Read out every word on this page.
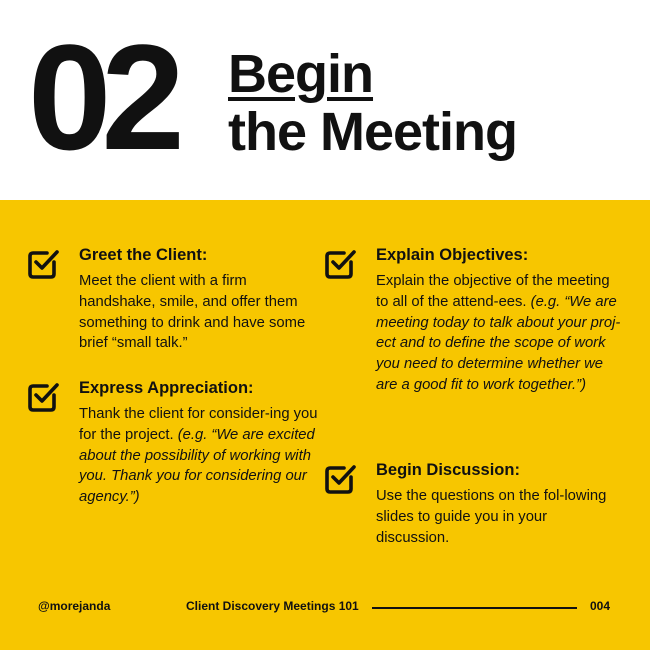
02 Begin
the Meeting
Greet the Client:
Meet the client with a firm handshake, smile, and offer them something to drink and have some brief “small talk.”
Express Appreciation:
Thank the client for consider-ing you for the project. (e.g. “We are excited about the possibility of working with you. Thank you for considering our agency.”)
Explain Objectives:
Explain the objective of the meeting to all of the attend-ees. (e.g. “We are meeting today to talk about your proj-ect and to define the scope of work you need to determine whether we are a good fit to work together.”)
Begin Discussion:
Use the questions on the fol-lowing slides to guide you in your discussion.
@morejanda	Client Discovery Meetings 101	004
